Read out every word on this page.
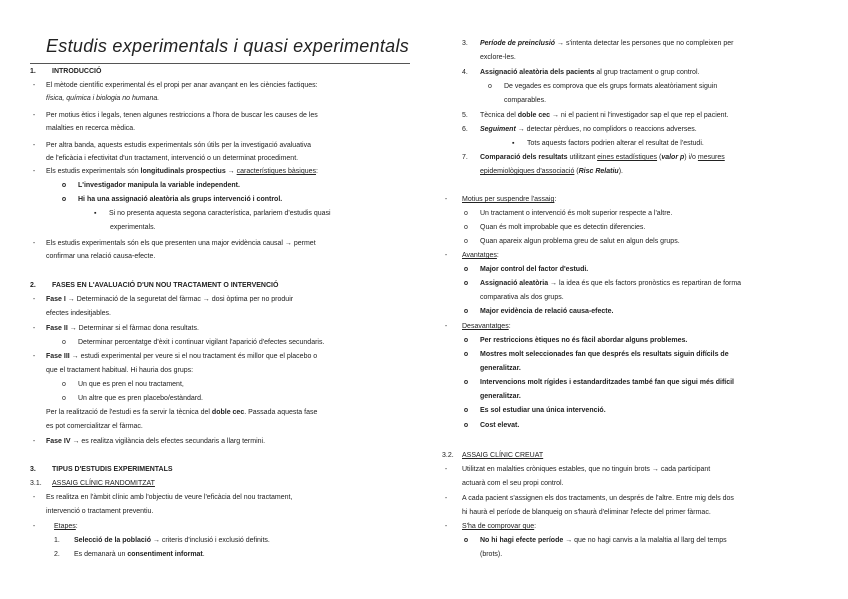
Estudis experimentals i quasi experimentals
1. INTRODUCCIÓ
- El mètode científic experimental és el propi per anar avançant en les ciències factiques:
física, química i biologia no humana.
- Per motius ètics i legals, tenen algunes restriccions a l'hora de buscar les causes de les
malalties en recerca mèdica.
- Per altra banda, aquests estudis experimentals són útils per la investigació avaluativa
de l'eficàcia i efectivitat d'un tractament, intervenció o un determinat procediment.
- Els estudis experimentals són longitudinals prospectius → característiques bàsiques:
o L'investigador manipula la variable independent.
o Hi ha una assignació aleatòria als grups intervenció i control.
▪ Si no presenta aquesta segona característica, parlariem d'estudis quasi
experimentals.
- Els estudis experimentals són els que presenten una major evidència causal → permet
confirmar una relació causa-efecte.
2. FASES EN L'AVALUACIÓ D'UN NOU TRACTAMENT O INTERVENCIÓ
- Fase I → Determinació de la seguretat del fàrmac → dosi òptima per no produir
efectes indesitjables.
- Fase II → Determinar si el fàrmac dona resultats.
o Determinar percentatge d'èxit i continuar vigilant l'aparició d'efectes secundaris.
- Fase III → estudi experimental per veure si el nou tractament és millor que el placebo o
que el tractament habitual. Hi hauria dos grups:
o Un que es pren el nou tractament,
o Un altre que es pren placebo/estàndard.
Per la realització de l'estudi es fa servir la tècnica del doble cec. Passada aquesta fase
es pot comercialitzar el fàrmac.
- Fase IV → es realitza vigilància dels efectes secundaris a llarg termini.
3. TIPUS D'ESTUDIS EXPERIMENTALS
3.1. ASSAIG CLÍNIC RANDOMITZAT
- Es realitza en l'àmbit clínic amb l'objectiu de veure l'eficàcia del nou tractament,
intervenció o tractament preventiu.
-	Etapes:
1. Selecció de la població → criteris d'inclusió i exclusió definits.
2. Es demanarà un consentiment informat.
3. Període de preinclusió → s'intenta detectar les persones que no compleixen per
exclore-les.
4. Assignació aleatòria dels pacients al grup tractament o grup control.
o De vegades es comprova que els grups formats aleatòriament siguin
comparables.
5. Tècnica del doble cec → ni el pacient ni l'investigador sap el que rep el pacient.
6. Seguiment → detectar pèrdues, no complidors o reaccions adverses.
▪ Tots aquests factors podrien alterar el resultat de l'estudi.
7. Comparació dels resultats utilitzant eines estadístiques (valor p) i/o mesures
epidemiològiques d'associació (Risc Relatiu).
- Motius per suspendre l'assaig:
o Un tractament o intervenció és molt superior respecte a l'altre.
o Quan és molt improbable que es detectin diferencies.
o Quan apareix algun problema greu de salut en algun dels grups.
- Avantatges:
o Major control del factor d'estudi.
o Assignació aleatòria → la idea és que els factors pronòstics es repartiran de forma
comparativa als dos grups.
o Major evidència de relació causa-efecte.
- Desavantatges:
o Per restriccions ètiques no és fàcil abordar alguns problemes.
o Mostres molt seleccionades fan que després els resultats siguin difícils de
generalitzar.
o Intervencions molt rígides i estandarditzades també fan que sigui més difícil
generalitzar.
o Es sol estudiar una única intervenció.
o Cost elevat.
3.2. ASSAIG CLÍNIC CREUAT
- Utilitzat en malalties cròniques estables, que no tinguin brots → cada participant
actuarà com el seu propi control.
- A cada pacient s'assignen els dos tractaments, un després de l'altre. Entre mig dels dos
hi haurà el període de blanqueig on s'haurà d'eliminar l'efecte del primer fàrmac.
- S'ha de comprovar que:
o No hi hagi efecte període → que no hagi canvis a la malaltia al llarg del temps
(brots).
